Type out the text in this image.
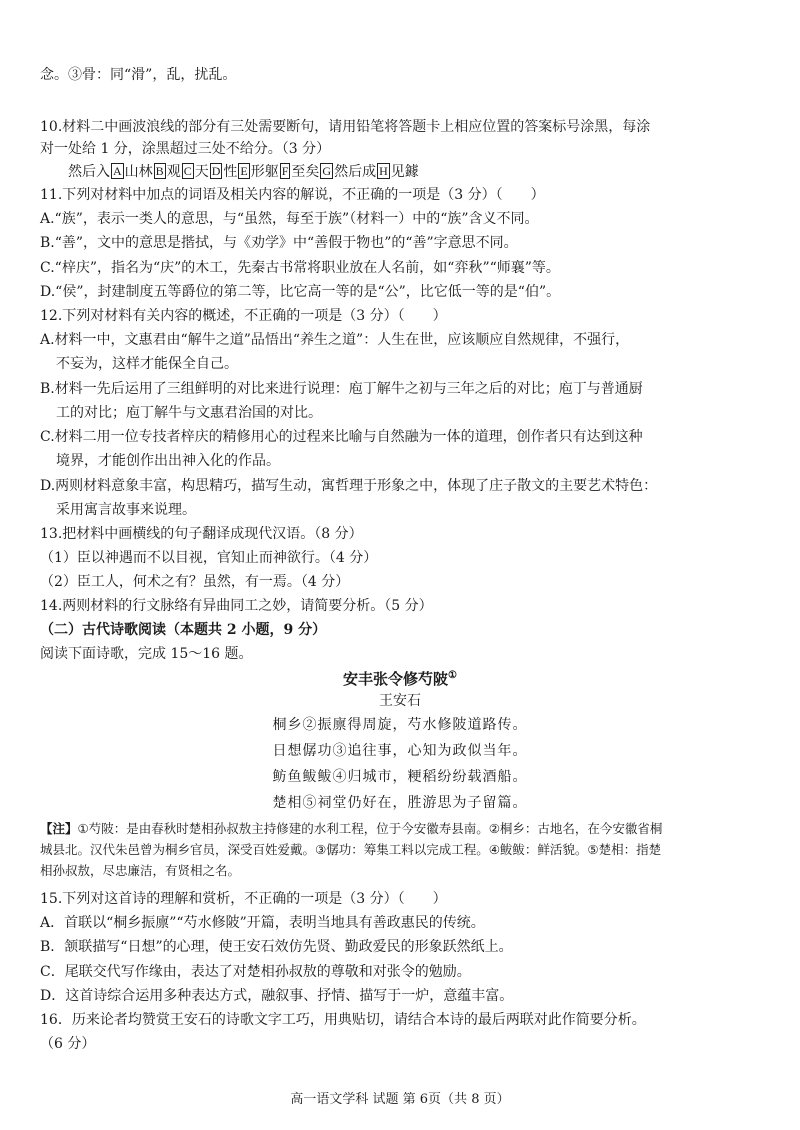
念。③骨：同“滑”，乱，扰乱。
10.材料二中画波浪线的部分有三处需要断句，请用铅笔将答题卡上相应位置的答案标号涂黑，每涂
对一处给 1 分，涂黑超过三处不给分。（3 分）
然后入 A 山林 B 观 C 天 D 性 E 形躯 F 至矣 G 然后成 H 见鐻
11.下列对材料中加点的词语及相关内容的解说，不正确的一项是（3 分）（　　）
A.“族”，表示一类人的意思，与“虽然，每至于族”（材料一）中的“族”含义不同。
B.“善”，文中的意思是揩拭，与《劝学》中“善假于物也”的“善”字意思不同。
C.“梓庆”，指名为“庆”的木工，先秦古书常将职业放在人名前，如“弈秋”“师襄”等。
D.“侯”，封建制度五等爵位的第二等，比它高一等的是“公”，比它低一等的是“伯”。
12.下列对材料有关内容的概述，不正确的一项是（3 分）（　　）
A.材料一中，文惠君由“解牛之道”品悟出“养生之道”：人生在世，应该顺应自然规律，不强行，
不妄为，这样才能保全自己。
B.材料一先后运用了三组鲜明的对比来进行说理：庖丁解牛之初与三年之后的对比；庖丁与普通厨
工的对比；庖丁解牛与文惠君治国的对比。
C.材料二用一位专技者梓庆的精修用心的过程来比喻与自然融为一体的道理，创作者只有达到这种
境界，才能创作出出神入化的作品。
D.两则材料意象丰富，构思精巧，描写生动，寓哲理于形象之中，体现了庄子散文的主要艺术特色：
采用寓言故事来说理。
13.把材料中画横线的句子翻译成现代汉语。（8 分）
（1）臣以神遇而不以目视，官知止而神欲行。（4 分）
（2）臣工人，何术之有？虽然，有一焉。（4 分）
14.两则材料的行文脉络有异曲同工之妙，请简要分析。（5 分）
（二）古代诗歌阅读（本题共 2 小题，9 分）
阅读下面诗歌，完成 15～16 题。
安丰张令修芍陂①
王安石
桐乡②振廪得周旋，芍水修陂道路传。
日想僝功③追往事，心知为政似当年。
鲂鱼鲅鲅④归城市，粳稻纷纷载酒船。
楚相⑤祠堂仍好在，胜游思为子留篇。
【注】①芍陂：是由春秋时楚相孙叔敖主持修建的水利工程，位于今安徽寿县南。②桐乡：古地名，在今安徽省桐
城县北。汉代朱邑曾为桐乡官员，深受百姓爱戴。③僝功：筹集工料以完成工程。④鲅鲅：鲜活貌。⑤楚相：指楚
相孙叔敖，尽忠廉洁，有贤相之名。
15.下列对这首诗的理解和赏析，不正确的一项是（3 分）（　　）
A．首联以“桐乡振廪”“芍水修陂”开篇，表明当地具有善政惠民的传统。
B．颔联描写“日想”的心理，使王安石效仿先贤、勤政爱民的形象跃然纸上。
C．尾联交代写作缘由，表达了对楚相孙叔敖的尊敬和对张令的勉励。
D．这首诗综合运用多种表达方式，融叙事、抒情、描写于一炉，意蕴丰富。
16．历来论者均赞赏王安石的诗歌文字工巧，用典贴切，请结合本诗的最后两联对此作简要分析。
（6 分）
高一语文学科 试题 第 6页（共 8 页）
